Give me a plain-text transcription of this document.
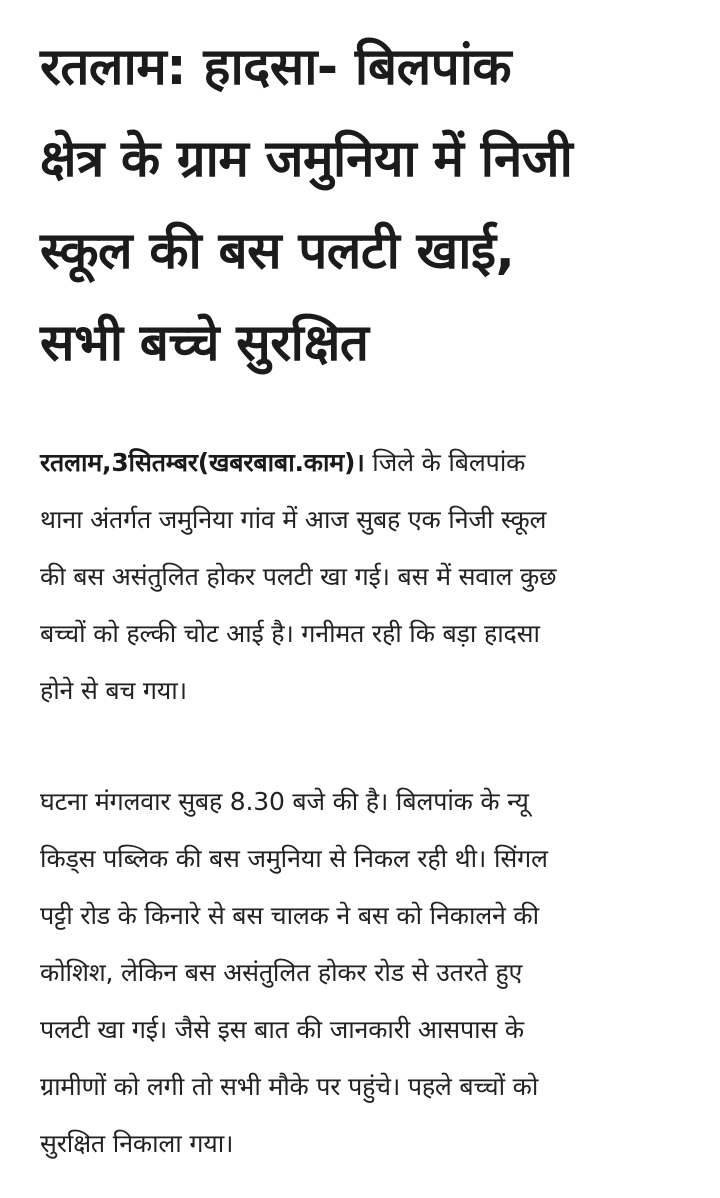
रतलाम: हादसा- बिलपांक
क्षेत्र के ग्राम जमुनिया में निजी
स्कूल की बस पलटी खाई,
सभी बच्चे सुरक्षित
रतलाम,3सितम्बर(खबरबाबा.काम)। जिले के बिलपांक
थाना अंतर्गत जमुनिया गांव में आज सुबह एक निजी स्कूल
की बस असंतुलित होकर पलटी खा गई। बस में सवाल कुछ
बच्चों को हल्की चोट आई है। गनीमत रही कि बड़ा हादसा
होने से बच गया।
घटना मंगलवार सुबह 8.30 बजे की है। बिलपांक के न्यू
किड्स पब्लिक की बस जमुनिया से निकल रही थी। सिंगल
पट्टी रोड के किनारे से बस चालक ने बस को निकालने की
कोशिश, लेकिन बस असंतुलित होकर रोड से उतरते हुए
पलटी खा गई। जैसे इस बात की जानकारी आसपास के
ग्रामीणों को लगी तो सभी मौके पर पहुंचे। पहले बच्चों को
सुरक्षित निकाला गया।
